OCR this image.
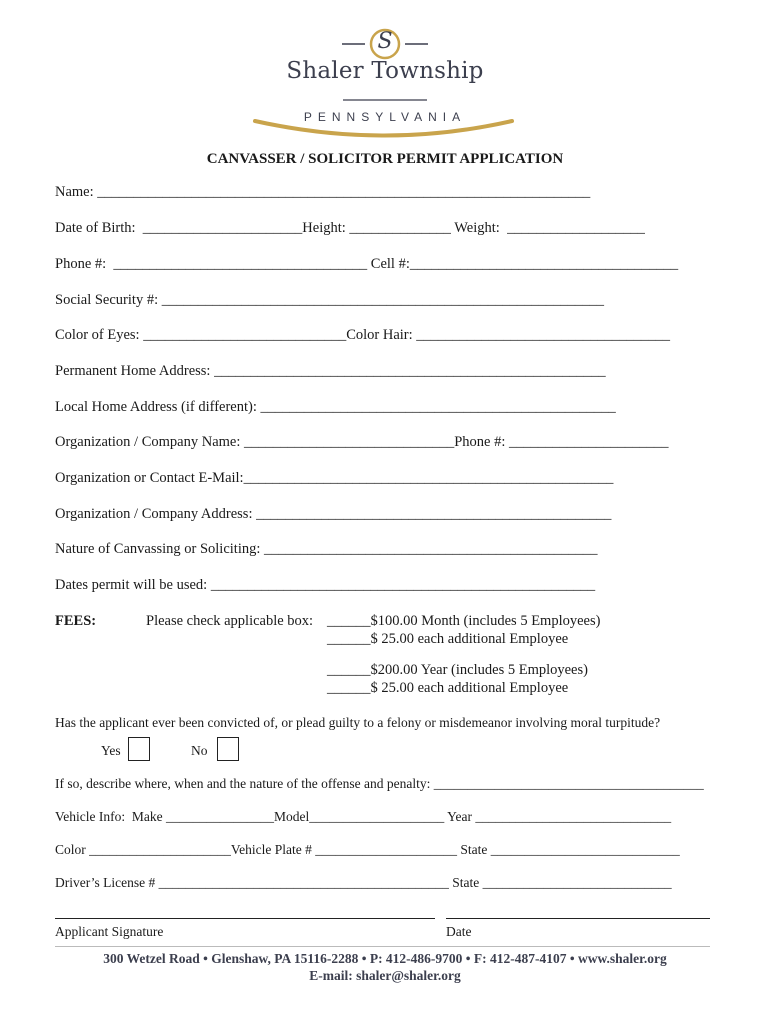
S
Shaler Township
PENNSYLVANIA
CANVASSER / SOLICITOR PERMIT APPLICATION
Name: ____________________________________________________________________
Date of Birth:  ______________________Height: ______________ Weight:  ___________________
Phone #:  ___________________________________ Cell #:_____________________________________
Social Security #: _____________________________________________________________
Color of Eyes: ____________________________Color Hair: ___________________________________
Permanent Home Address: ______________________________________________________
Local Home Address (if different): _________________________________________________
Organization / Company Name: _____________________________Phone #: ______________________
Organization or Contact E-Mail:___________________________________________________
Organization / Company Address: _________________________________________________
Nature of Canvassing or Soliciting: ______________________________________________
Dates permit will be used: _____________________________________________________
FEES:	Please check applicable box: ______$100.00 Month (includes 5 Employees)
______$ 25.00 each additional Employee
______$200.00 Year (includes 5 Employees)
______$ 25.00 each additional Employee
Has the applicant ever been convicted of, or plead guilty to a felony or misdemeanor involving moral turpitude?
Yes	No
If so, describe where, when and the nature of the offense and penalty: ________________________________________
Vehicle Info:  Make ________________Model____________________ Year _____________________________
Color _____________________Vehicle Plate # _____________________ State ____________________________
Driver’s License # ___________________________________________ State ____________________________
Applicant Signature	Date
300 Wetzel Road • Glenshaw, PA 15116-2288 • P: 412-486-9700 • F: 412-487-4107 • www.shaler.org
E-mail: shaler@shaler.org
